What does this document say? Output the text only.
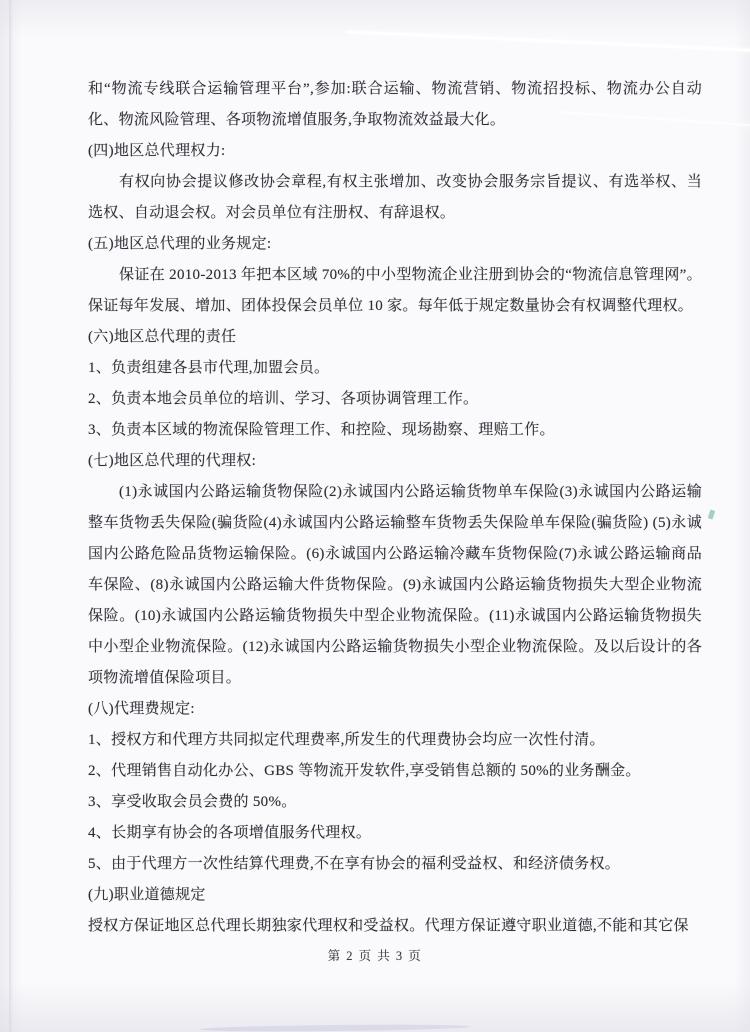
和“物流专线联合运输管理平台”,参加:联合运输、物流营销、物流招投标、物流办公自动化、物流风险管理、各项物流增值服务,争取物流效益最大化。

(四)地区总代理权力:

有权向协会提议修改协会章程,有权主张增加、改变协会服务宗旨提议、有选举权、当选权、自动退会权。对会员单位有注册权、有辞退权。

(五)地区总代理的业务规定:

保证在 2010-2013 年把本区域 70%的中小型物流企业注册到协会的“物流信息管理网”。保证每年发展、增加、团体投保会员单位 10 家。每年低于规定数量协会有权调整代理权。

(六)地区总代理的责任

1、负责组建各县市代理,加盟会员。

2、负责本地会员单位的培训、学习、各项协调管理工作。

3、负责本区域的物流保险管理工作、和控险、现场勘察、理赔工作。

(七)地区总代理的代理权:

(1)永诚国内公路运输货物保险(2)永诚国内公路运输货物单车保险(3)永诚国内公路运输整车货物丢失保险(骗货险(4)永诚国内公路运输整车货物丢失保险单车保险(骗货险) (5)永诚国内公路危险品货物运输保险。(6)永诚国内公路运输冷藏车货物保险(7)永诚公路运输商品车保险、(8)永诚国内公路运输大件货物保险。(9)永诚国内公路运输货物损失大型企业物流保险。(10)永诚国内公路运输货物损失中型企业物流保险。(11)永诚国内公路运输货物损失中小型企业物流保险。(12)永诚国内公路运输货物损失小型企业物流保险。及以后设计的各项物流增值保险项目。

(八)代理费规定:

1、授权方和代理方共同拟定代理费率,所发生的代理费协会均应一次性付清。

2、代理销售自动化办公、GBS 等物流开发软件,享受销售总额的 50%的业务酬金。

3、享受收取会员会费的 50%。

4、长期享有协会的各项增值服务代理权。

5、由于代理方一次性结算代理费,不在享有协会的福利受益权、和经济债务权。

(九)职业道德规定

授权方保证地区总代理长期独家代理权和受益权。代理方保证遵守职业道德,不能和其它保

第 2 页 共 3 页
